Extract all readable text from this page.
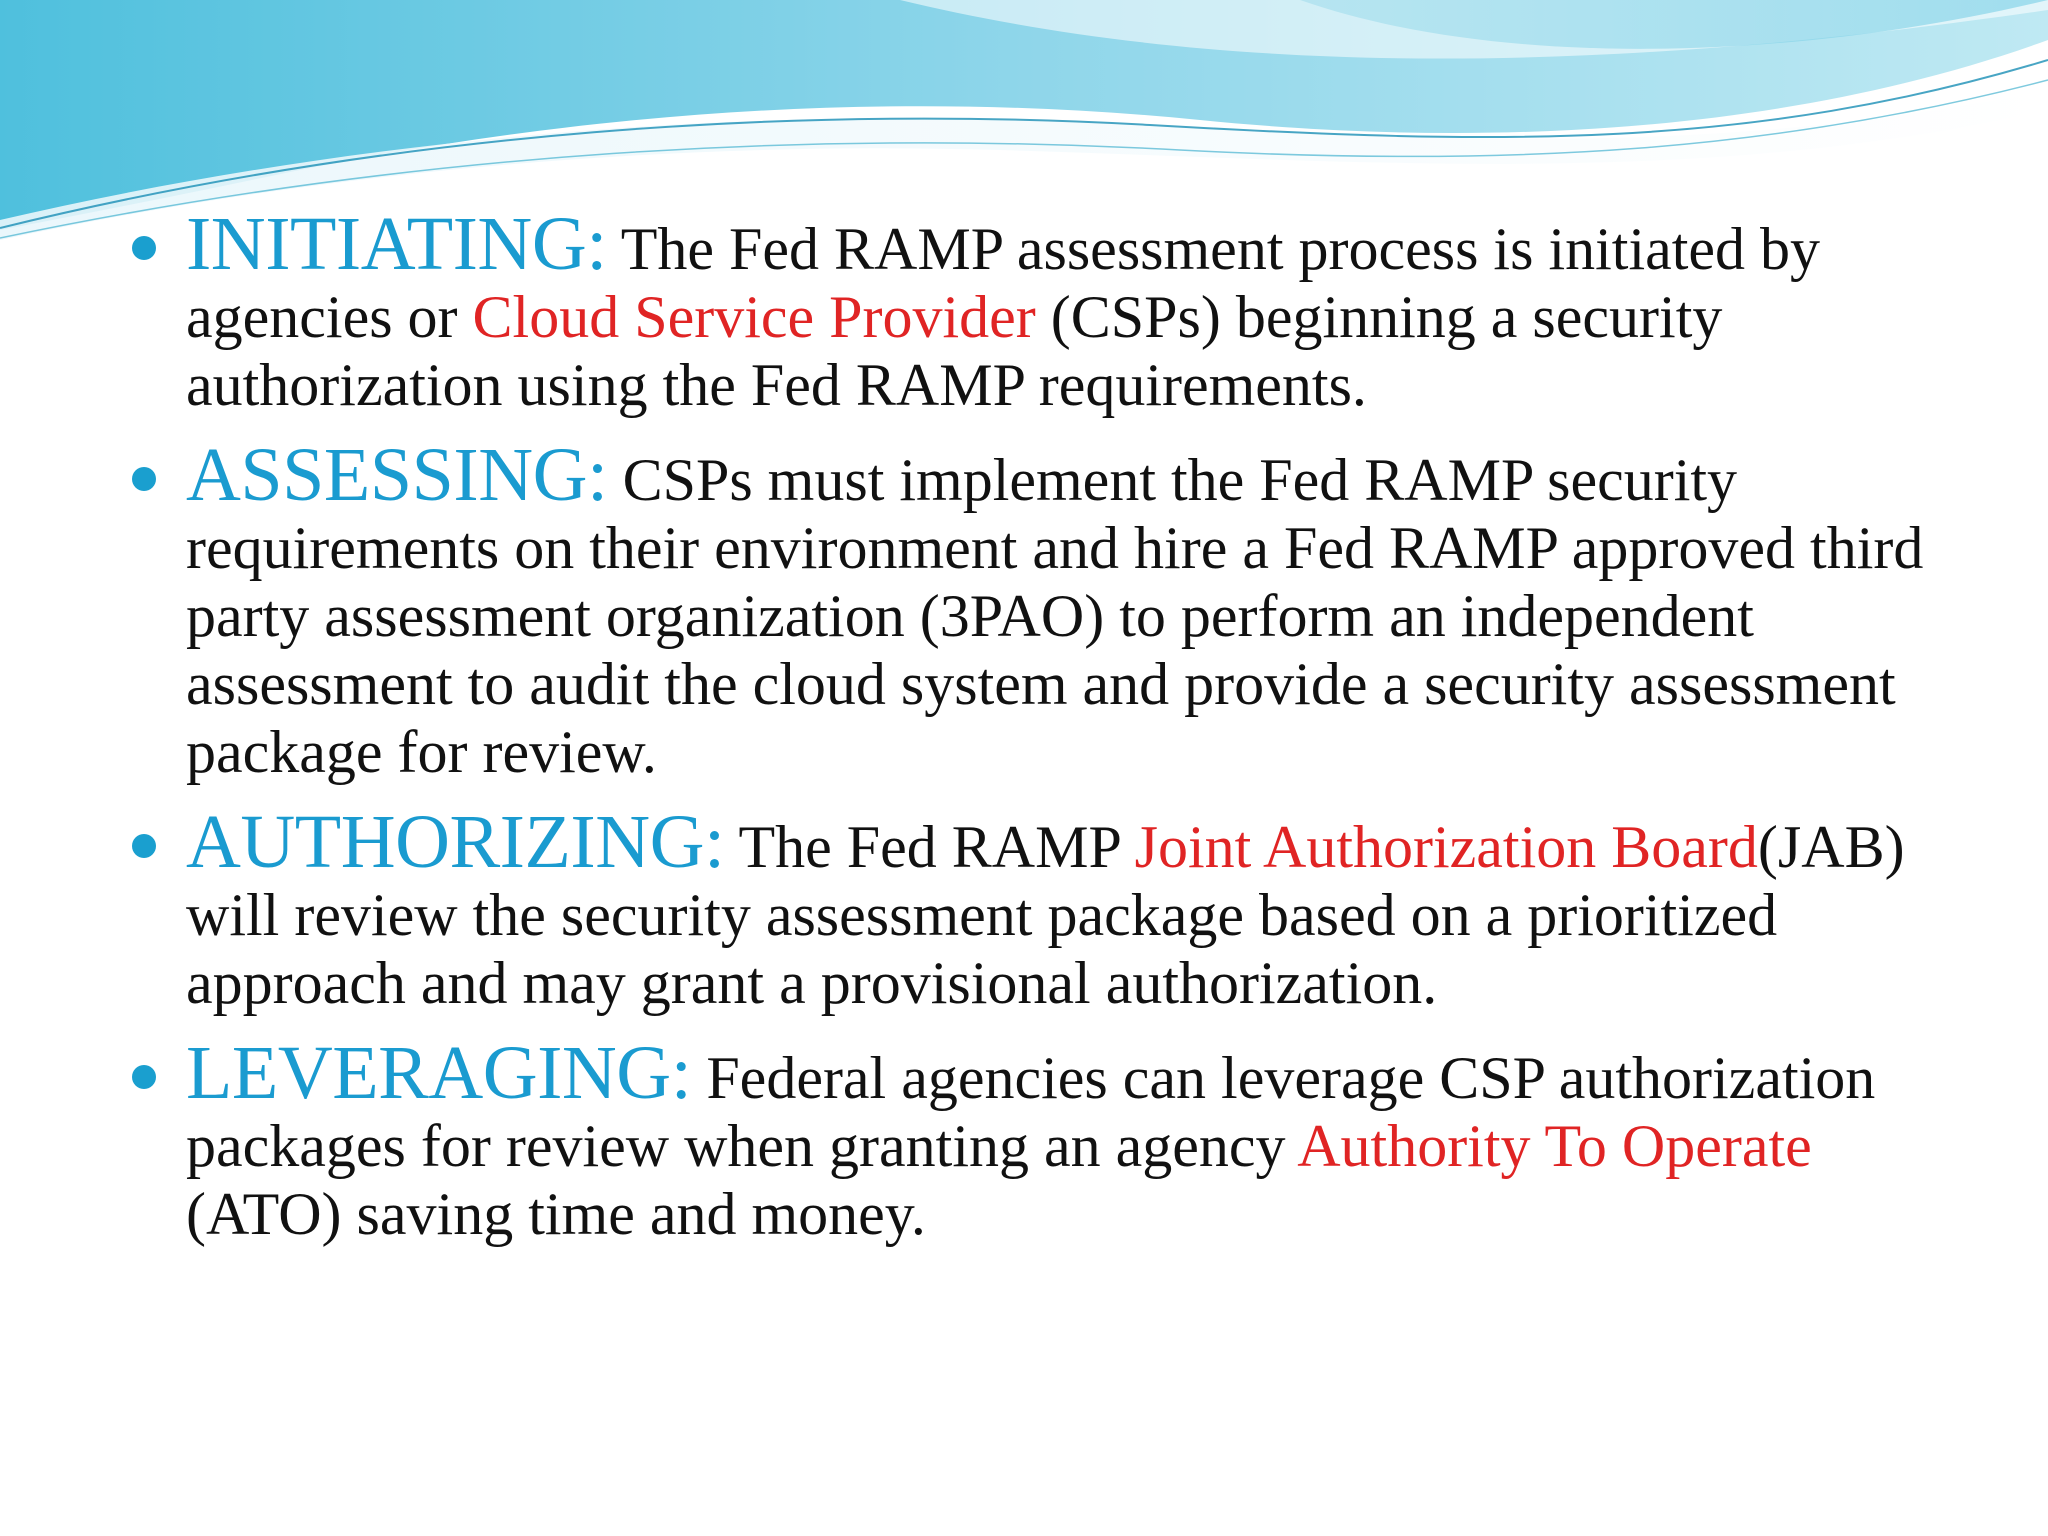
INITIATING: The Fed RAMP assessment process is initiated by agencies or Cloud Service Provider (CSPs) beginning a security authorization using the Fed RAMP requirements.
ASSESSING: CSPs must implement the Fed RAMP security requirements on their environment and hire a Fed RAMP approved third party assessment organization (3PAO) to perform an independent assessment to audit the cloud system and provide a security assessment package for review.
AUTHORIZING: The Fed RAMP Joint Authorization Board(JAB) will review the security assessment package based on a prioritized approach and may grant a provisional authorization.
LEVERAGING: Federal agencies can leverage CSP authorization packages for review when granting an agency Authority To Operate (ATO) saving time and money.
